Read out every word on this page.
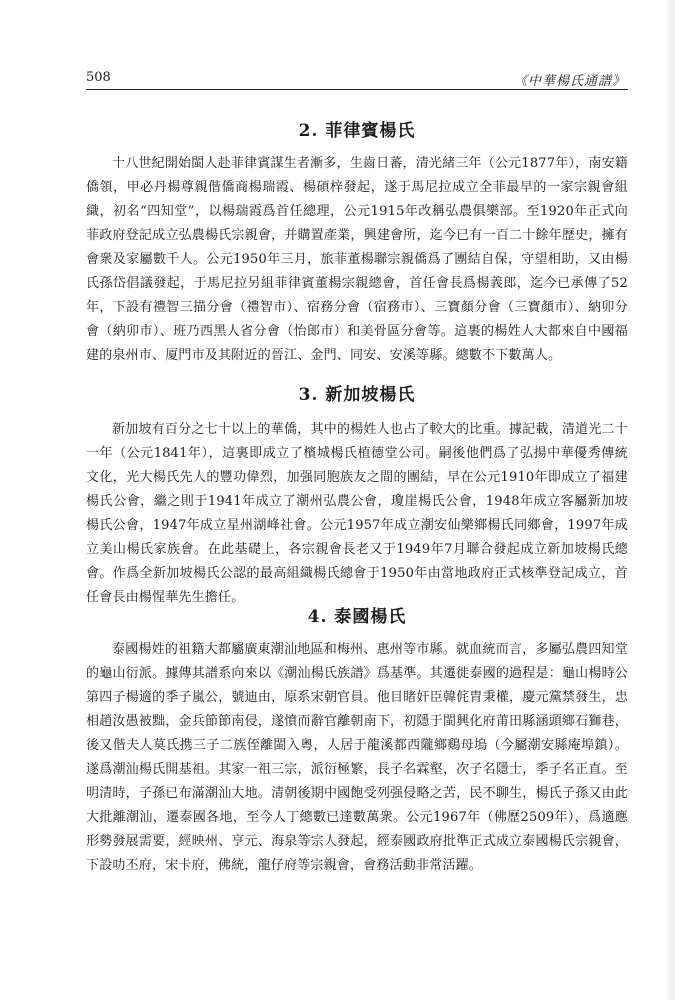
508	《中華楊氏通譜》
2. 菲律賓楊氏

十八世紀開始閩人赴菲律賓謀生者漸多，生齒日蕃，清光緒三年（公元1877年），南安籍僑領，甲必丹楊尊親偕僑商楊瑞霞、楊碩梓發起，遂于馬尼拉成立全菲最早的一家宗親會組織，初名“四知堂”，以楊瑞霞爲首任總理，公元1915年改稱弘農俱樂部。至1920年正式向菲政府登記成立弘農楊氏宗親會，并購置產業，興建會所，迄今已有一百二十餘年歷史，擁有會衆及家屬數千人。公元1950年三月，旅菲董楊聯宗親僑爲了團結自保，守望相助，又由楊氏孫岱倡議發起，于馬尼拉另組菲律賓董楊宗親總會，首任會長爲楊義郎，迄今已承傳了52年，下設有禮智三描分會（禮智市）、宿務分會（宿務市）、三寶顏分會（三寶顏市）、納卯分會（納卯市）、班乃西黑人省分會（怡郎市）和美骨區分會等。這裹的楊姓人大都來自中國福建的泉州市、厦門市及其附近的晉江、金門、同安、安溪等縣。總數不下數萬人。

3. 新加坡楊氏

新加坡有百分之七十以上的華僑，其中的楊姓人也占了較大的比重。據記載，清道光二十一年（公元1841年），這裏即成立了檳城楊氏植德堂公司。嗣後他們爲了弘揚中華優秀傳統文化，光大楊氏先人的豐功偉烈，加强同胞族友之間的團結，早在公元1910年即成立了福建楊氏公會，繼之則于1941年成立了潮州弘農公會，瓊崖楊氏公會，1948年成立客屬新加坡楊氏公會，1947年成立星州湖峰社會。公元1957年成立潮安仙樂鄉楊氏同鄉會，1997年成立美山楊氏家族會。在此基礎上，各宗親會長老又于1949年7月聯合發起成立新加坡楊氏總會。作爲全新加坡楊氏公認的最高組織楊氏總會于1950年由當地政府正式核準登記成立，首任會長由楊惺華先生擔任。

4. 泰國楊氏

泰國楊姓的祖籍大都屬廣東潮汕地區和梅州、惠州等市縣。就血統而言，多屬弘農四知堂的龜山衍派。據傳其譜系向來以《潮汕楊氏族譜》爲基準。其遷徙泰國的過程是：龜山楊時公第四子楊適的季子嵐公，號迪由，原系宋朝官員。他目睹奸臣韓侂胄秉權，慶元黨禁發生，忠相趙汝愚被黜，金兵節節南侵，遂憤而辭官離朝南下，初隱于閩興化府莆田縣涵頭鄉石獅巷，後又偕夫人莫氏携三子二族侄離閩入粵，人居于龍溪都西隴鄉鷄母塢（今屬潮安縣庵埠鎮）。遂爲潮汕楊氏開基祖。其家一祖三宗，派衍極繁，長子名霖壑，次子名隱士，季子名正直。至明清時，子孫已布滿潮汕大地。清朝後期中國飽受列强侵略之苦，民不聊生，楊氏子孫又由此大批離潮汕，遷泰國各地，至今人丁總數已達數萬衆。公元1967年（佛歷2509年），爲適應形勢發展需要，經映州、亨元、海泉等宗人發起，經泰國政府批準正式成立泰國楊氏宗親會，下設叻丕府，宋卡府，佛統，龍仔府等宗親會，會務活動非常活躍。
